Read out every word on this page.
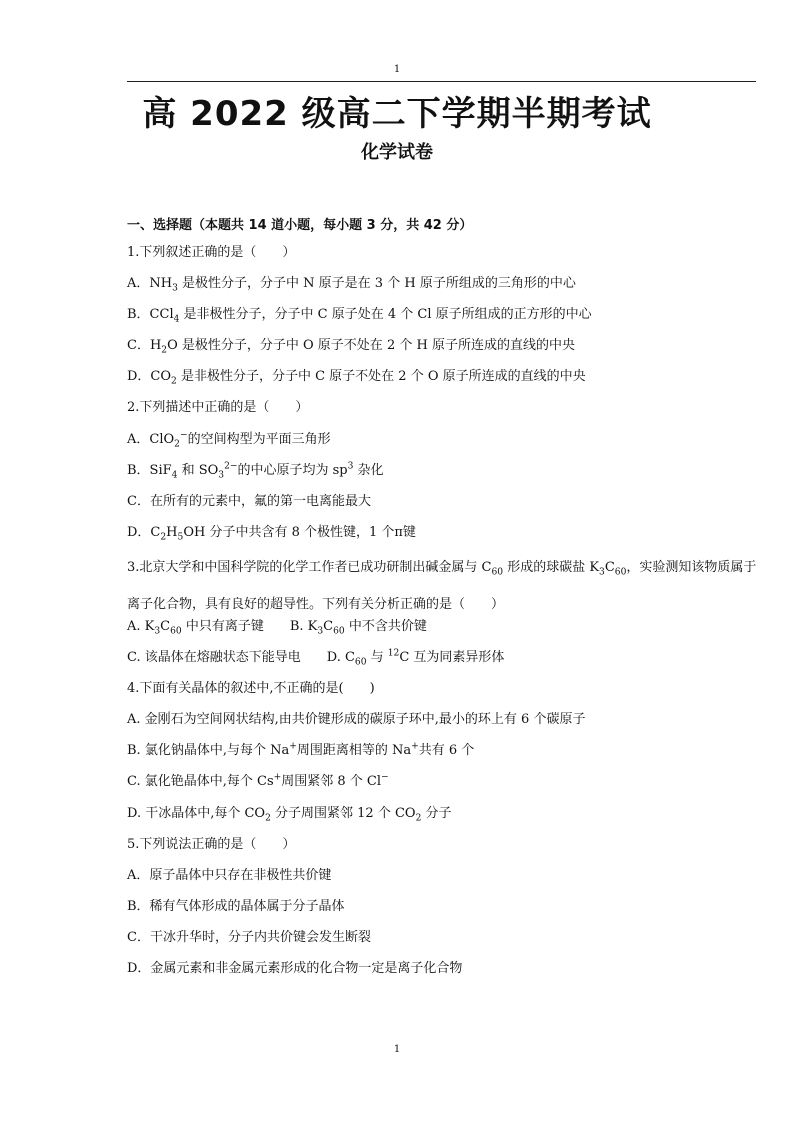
1
高 2022 级高二下学期半期考试
化学试卷
一、选择题（本题共 14 道小题，每小题 3 分，共 42 分）
1.下列叙述正确的是（　　）
A．$NH_3$ 是极性分子，分子中 N 原子是在 3 个 H 原子所组成的三角形的中心
B．CCl$_4$ 是非极性分子，分子中 C 原子处在 4 个 Cl 原子所组成的正方形的中心
C．$H_2O$ 是极性分子，分子中 O 原子不处在 2 个 H 原子所连成的直线的中央
D．$CO_2$ 是非极性分子，分子中 C 原子不处在 2 个 O 原子所连成的直线的中央
2.下列描述中正确的是（　　）
A．ClO$_2$−的空间构型为平面三角形
B．SiF$_4$ 和 $SO_3^{2-}$的中心原子均为 $sp^3$ 杂化
C．在所有的元素中，氟的第一电离能最大
D．$C_2H_5OH$ 分子中共含有 8 个极性键，1 个π键
3.北京大学和中国科学院的化学工作者已成功研制出碱金属与 $C_{60}$ 形成的球碳盐 $K_3C_{60}$，实验测知该物质属于离子化合物，具有良好的超导性。下列有关分析正确的是（　　）
A. $K_3C_{60}$ 中只有离子键　　B. $K_3C_{60}$ 中不含共价键
C. 该晶体在熔融状态下能导电　　D. $C_{60}$ 与 $^{12}$C 互为同素异形体
4.下面有关晶体的叙述中,不正确的是(　　)
A. 金刚石为空间网状结构,由共价键形成的碳原子环中,最小的环上有 6 个碳原子
B. 氯化钠晶体中,与每个 Na+周围距离相等的 Na+共有 6 个
C. 氯化铯晶体中,每个 Cs+周围紧邻 8 个 Cl−
D. 干冰晶体中,每个 $CO_2$ 分子周围紧邻 12 个 $CO_2$ 分子
5.下列说法正确的是（　　）
A．原子晶体中只存在非极性共价键
B．稀有气体形成的晶体属于分子晶体
C．干冰升华时，分子内共价键会发生断裂
D．金属元素和非金属元素形成的化合物一定是离子化合物
1
